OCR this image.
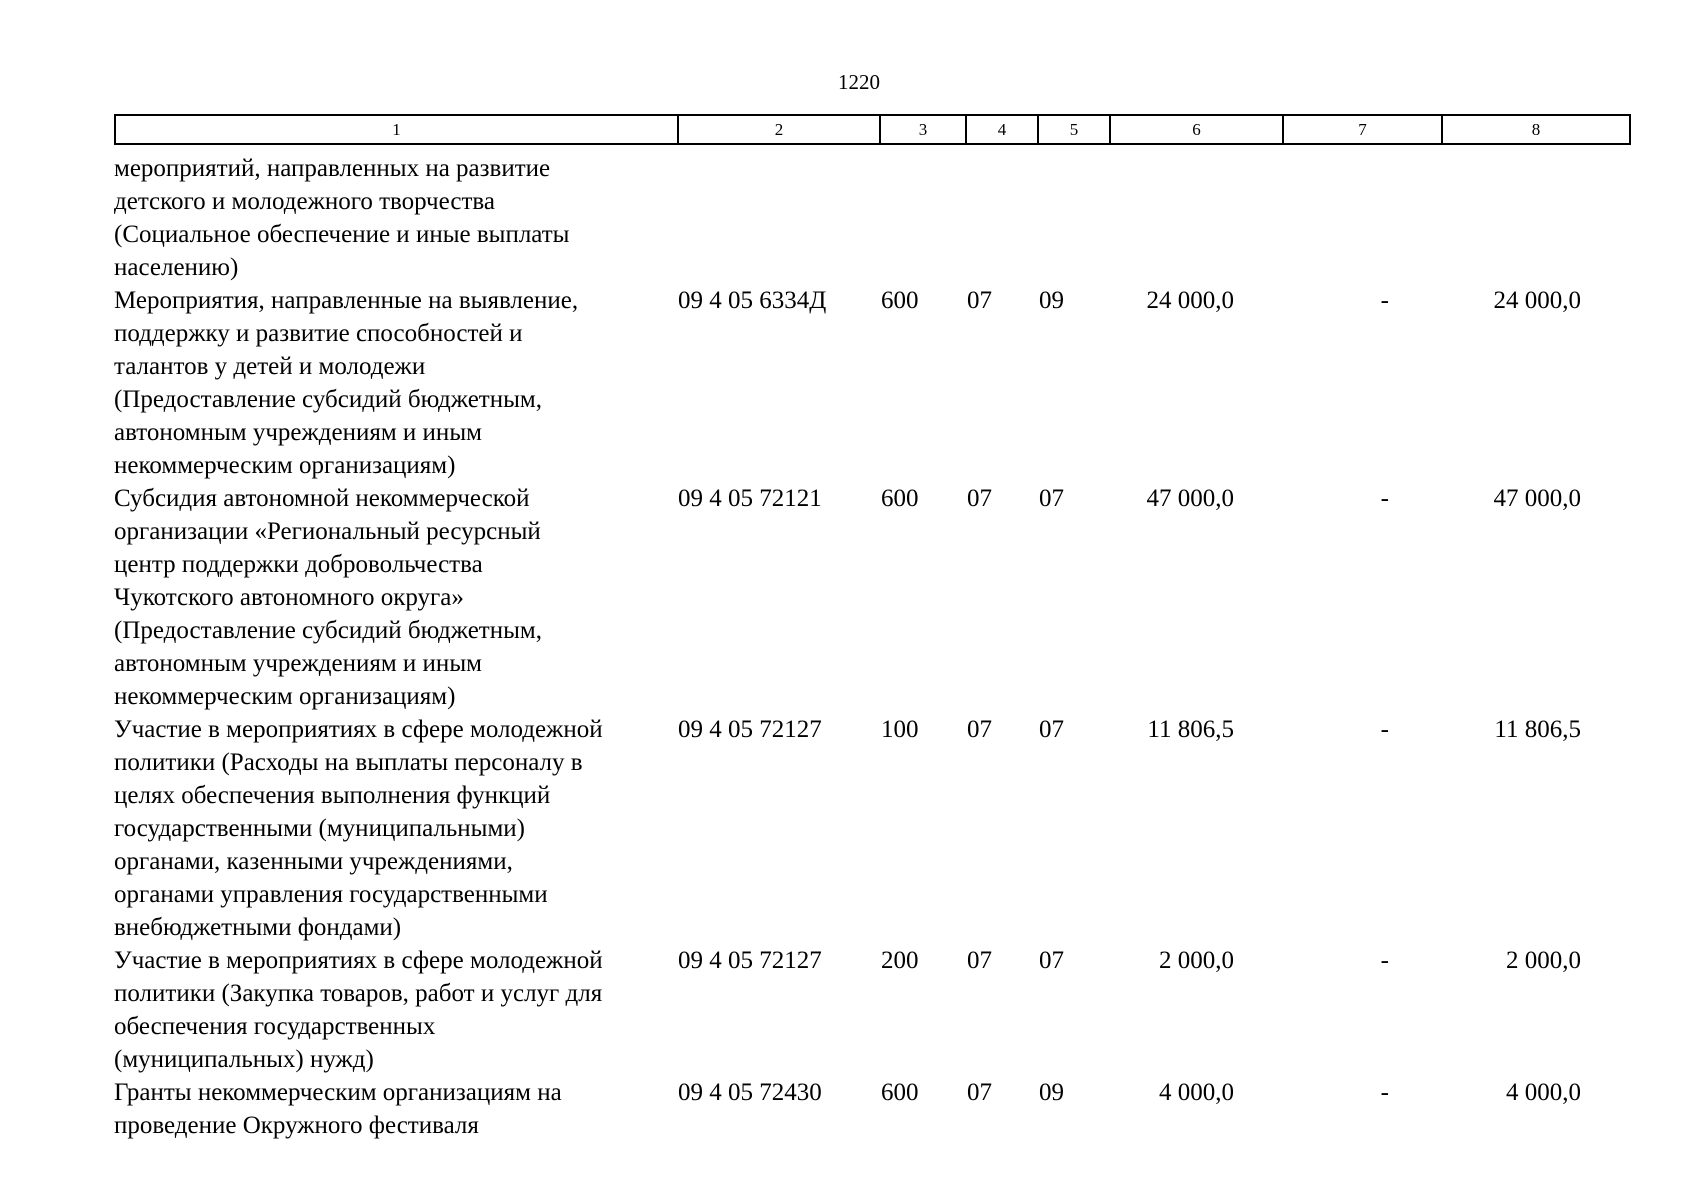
1220
1	2	3	4	5	6	7	8
мероприятий, направленных на развитие
детского и молодежного творчества
(Социальное обеспечение и иные выплаты
населению)
Мероприятия, направленные на выявление,
поддержку и развитие способностей и
талантов у детей и молодежи
(Предоставление субсидий бюджетным,
автономным учреждениям и иным
некоммерческим организациям)
09 4 05 6334Д	600	07	09	24 000,0	-	24 000,0
Субсидия автономной некоммерческой
организации «Региональный ресурсный
центр поддержки добровольчества
Чукотского автономного округа»
(Предоставление субсидий бюджетным,
автономным учреждениям и иным
некоммерческим организациям)
09 4 05 72121	600	07	07	47 000,0	-	47 000,0
Участие в мероприятиях в сфере молодежной
политики (Расходы на выплаты персоналу в
целях обеспечения выполнения функций
государственными (муниципальными)
органами, казенными учреждениями,
органами управления государственными
внебюджетными фондами)
09 4 05 72127	100	07	07	11 806,5	-	11 806,5
Участие в мероприятиях в сфере молодежной
политики (Закупка товаров, работ и услуг для
обеспечения государственных
(муниципальных) нужд)
09 4 05 72127	200	07	07	2 000,0	-	2 000,0
Гранты некоммерческим организациям на
проведение Окружного фестиваля
09 4 05 72430	600	07	09	4 000,0	-	4 000,0
